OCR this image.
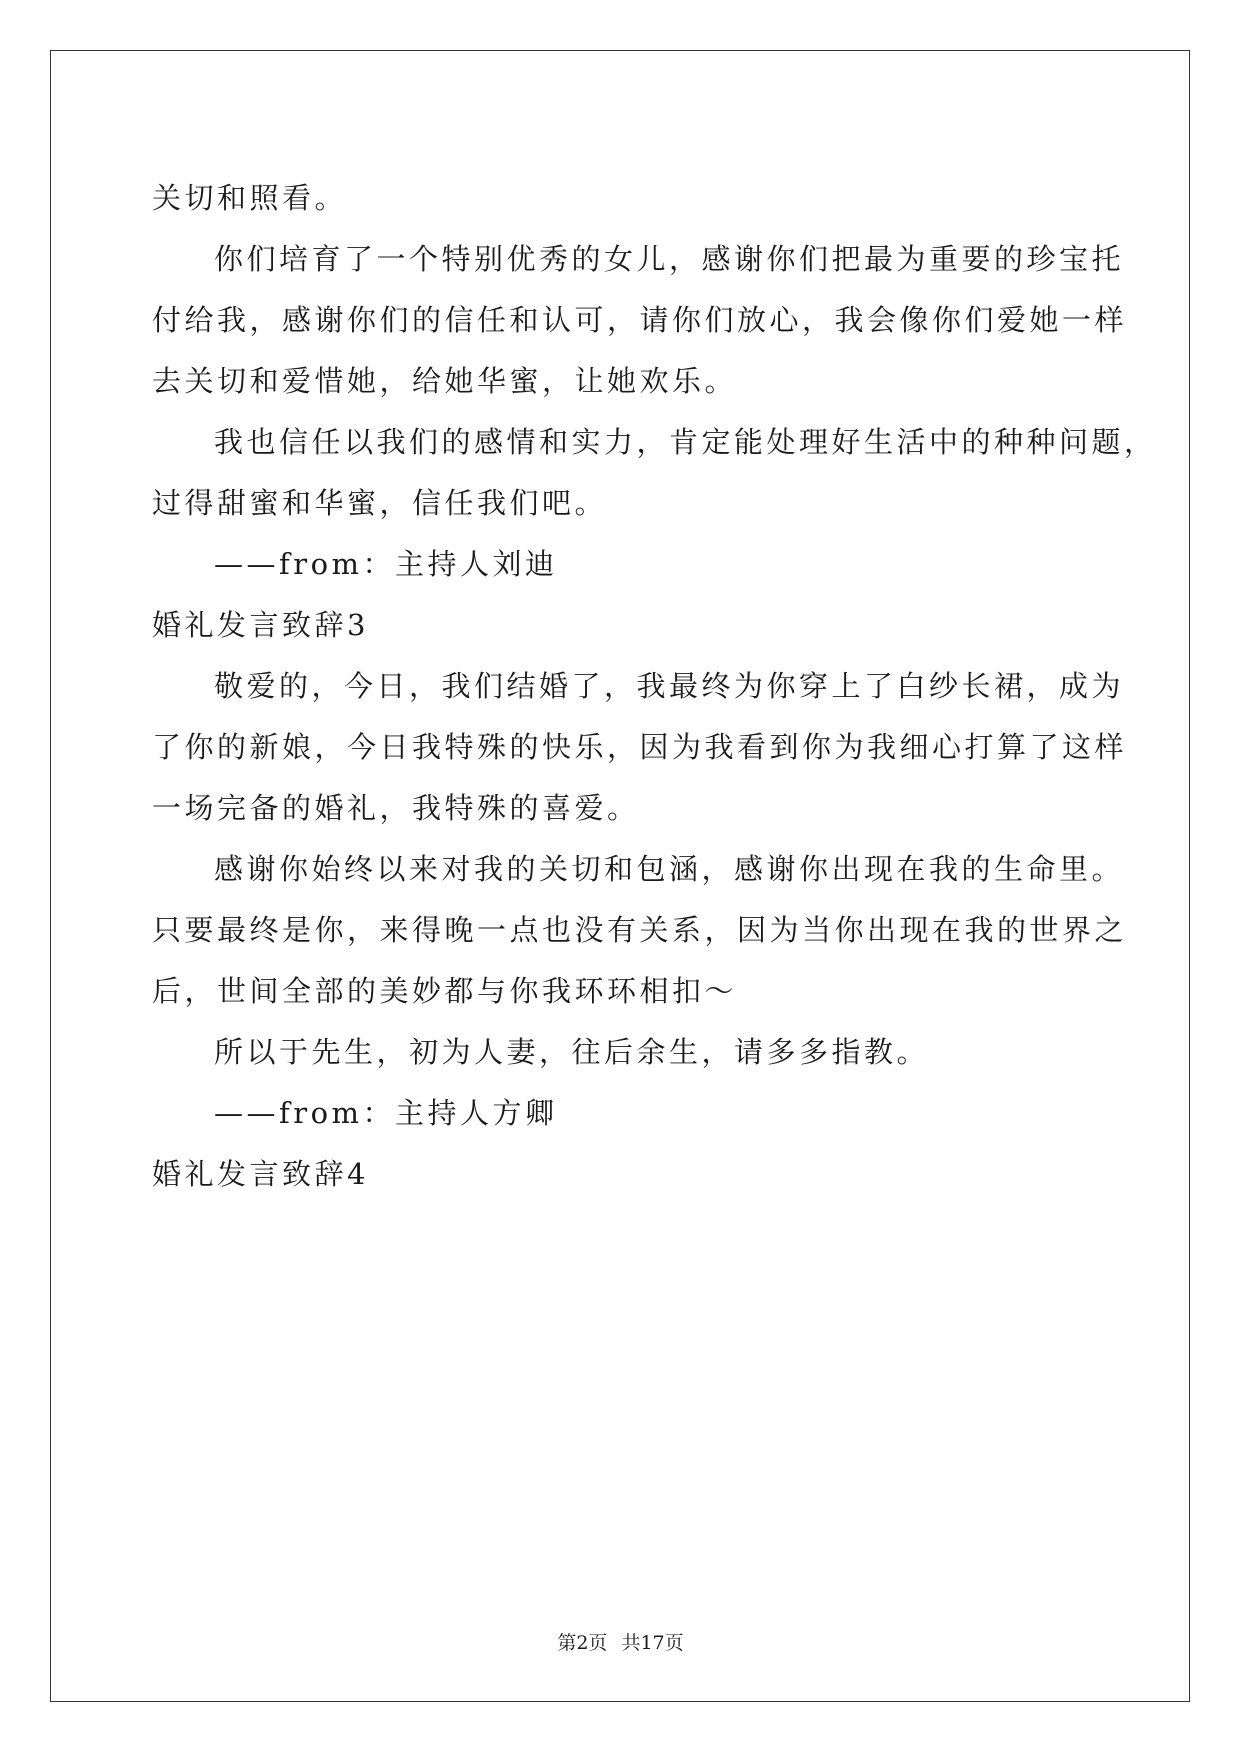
关切和照看。
你们培育了一个特别优秀的女儿，感谢你们把最为重要的珍宝托
付给我，感谢你们的信任和认可，请你们放心，我会像你们爱她一样
去关切和爱惜她，给她华蜜，让她欢乐。
我也信任以我们的感情和实力，肯定能处理好生活中的种种问题，
过得甜蜜和华蜜，信任我们吧。
——from：主持人刘迪
婚礼发言致辞3
敬爱的，今日，我们结婚了，我最终为你穿上了白纱长裙，成为
了你的新娘，今日我特殊的快乐，因为我看到你为我细心打算了这样
一场完备的婚礼，我特殊的喜爱。
感谢你始终以来对我的关切和包涵，感谢你出现在我的生命里。
只要最终是你，来得晚一点也没有关系，因为当你出现在我的世界之
后，世间全部的美妙都与你我环环相扣～
所以于先生，初为人妻，往后余生，请多多指教。
——from：主持人方卿
婚礼发言致辞4
第2页 共17页
